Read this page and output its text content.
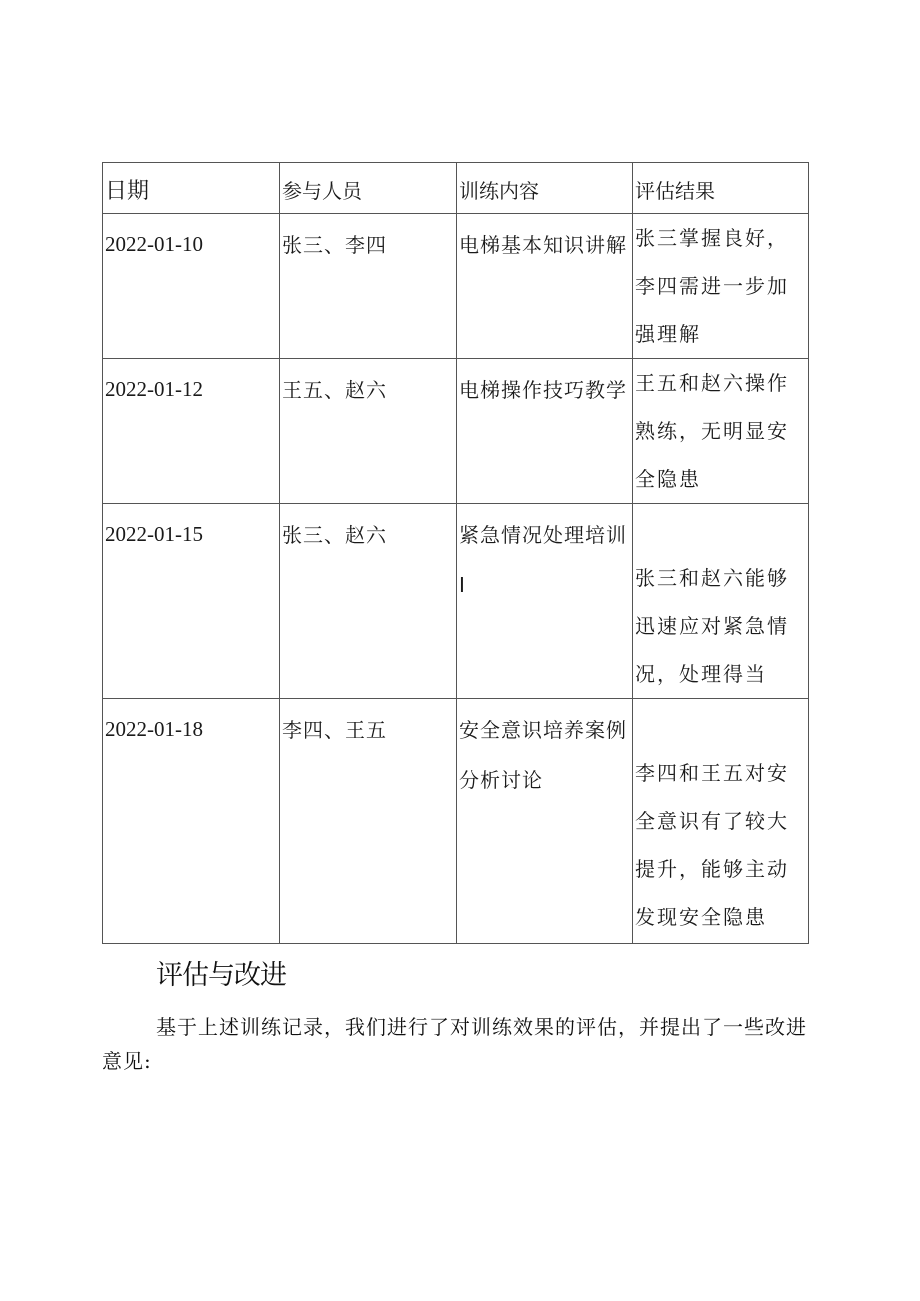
日期	参与人员	训练内容	评估结果

2022-01-10	张三、李四	电梯基本知识讲解	张三掌握良好，李四需进一步加强理解

2022-01-12	王五、赵六	电梯操作技巧教学	王五和赵六操作熟练，无明显安全隐患

2022-01-15	张三、赵六	紧急情况处理培训I	张三和赵六能够迅速应对紧急情况，处理得当

2022-01-18	李四、王五	安全意识培养案例分析讨论	李四和王五对安全意识有了较大提升，能够主动发现安全隐患
评估与改进

基于上述训练记录，我们进行了对训练效果的评估，并提出了一些改进意见:
